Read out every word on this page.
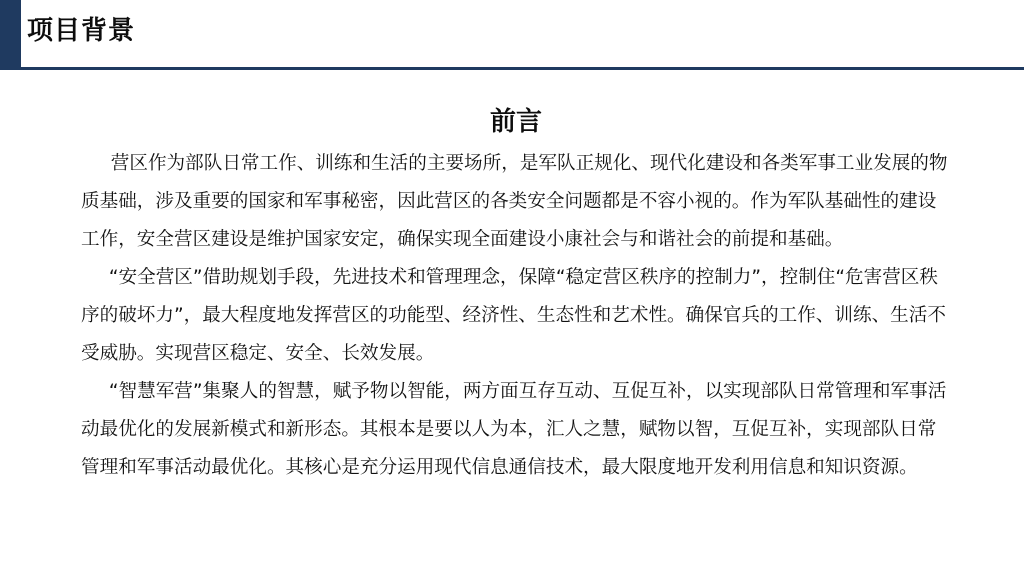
项目背景
前言

营区作为部队日常工作、训练和生活的主要场所，是军队正规化、现代化建设和各类军事工业发展的物质基础，涉及重要的国家和军事秘密，因此营区的各类安全问题都是不容小视的。作为军队基础性的建设工作，安全营区建设是维护国家安定，确保实现全面建设小康社会与和谐社会的前提和基础。

“安全营区”借助规划手段，先进技术和管理理念，保障“稳定营区秩序的控制力”，控制住“危害营区秩序的破坏力”，最大程度地发挥营区的功能型、经济性、生态性和艺术性。确保官兵的工作、训练、生活不受威胁。实现营区稳定、安全、长效发展。

“智慧军营”集聚人的智慧，赋予物以智能，两方面互存互动、互促互补，以实现部队日常管理和军事活动最优化的发展新模式和新形态。其根本是要以人为本，汇人之慧，赋物以智，互促互补，实现部队日常管理和军事活动最优化。其核心是充分运用现代信息通信技术，最大限度地开发利用信息和知识资源。
